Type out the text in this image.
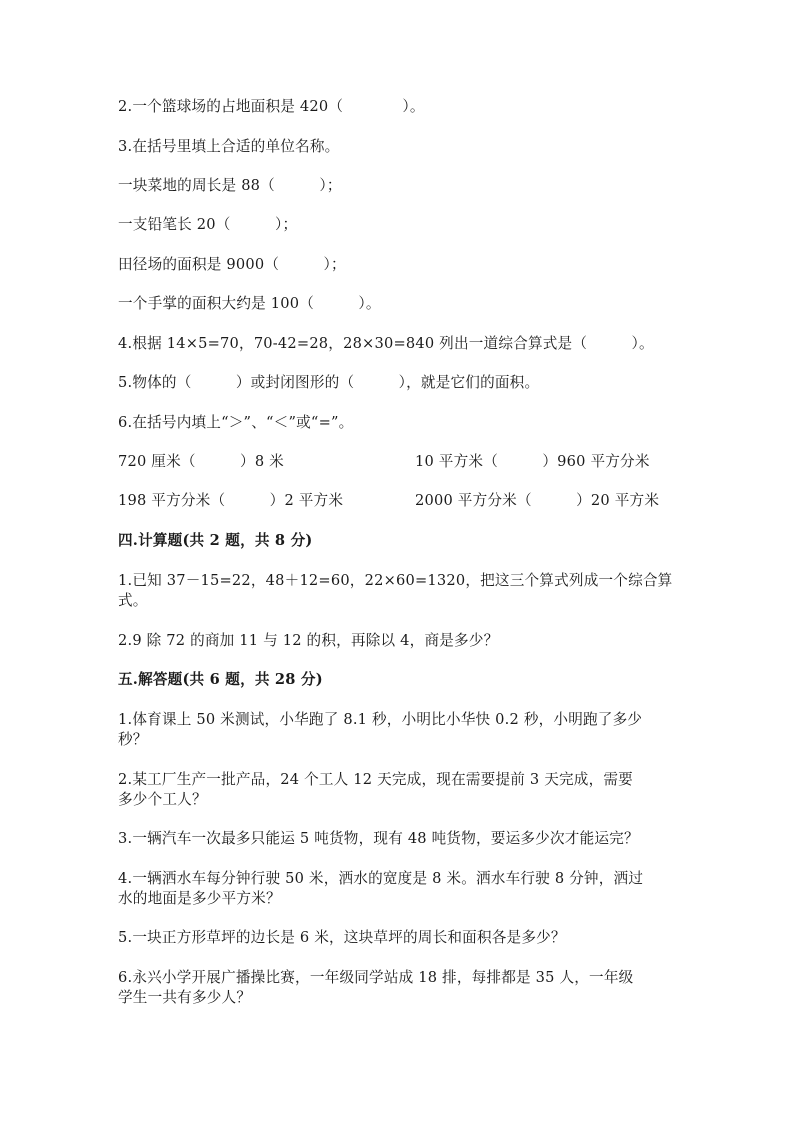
2.一个篮球场的占地面积是 420（　　　　）。

3.在括号里填上合适的单位名称。

一块菜地的周长是 88（　　　）；

一支铅笔长 20（　　　）；

田径场的面积是 9000（　　　）；

一个手掌的面积大约是 100（　　　）。

4.根据 14×5=70，70-42=28，28×30=840 列出一道综合算式是（　　　）。

5.物体的（　　　）或封闭图形的（　　　），就是它们的面积。

6.在括号内填上“＞”、“＜”或“=”。

720 厘米（　　　）8 米	10 平方米（　　　）960 平方分米

198 平方分米（　　　）2 平方米	2000 平方分米（　　　）20 平方米

四.计算题(共 2 题，共 8 分)

1.已知 37－15=22，48＋12=60，22×60=1320，把这三个算式列成一个综合算

式。

2.9 除 72 的商加 11 与 12 的积，再除以 4，商是多少？

五.解答题(共 6 题，共 28 分)

1.体育课上 50 米测试，小华跑了 8.1 秒，小明比小华快 0.2 秒，小明跑了多少

秒？

2.某工厂生产一批产品，24 个工人 12 天完成，现在需要提前 3 天完成，需要

多少个工人？

3.一辆汽车一次最多只能运 5 吨货物，现有 48 吨货物，要运多少次才能运完？

4.一辆洒水车每分钟行驶 50 米，洒水的宽度是 8 米。洒水车行驶 8 分钟，洒过

水的地面是多少平方米？

5.一块正方形草坪的边长是 6 米，这块草坪的周长和面积各是多少？

6.永兴小学开展广播操比赛，一年级同学站成 18 排，每排都是 35 人，一年级

学生一共有多少人？
